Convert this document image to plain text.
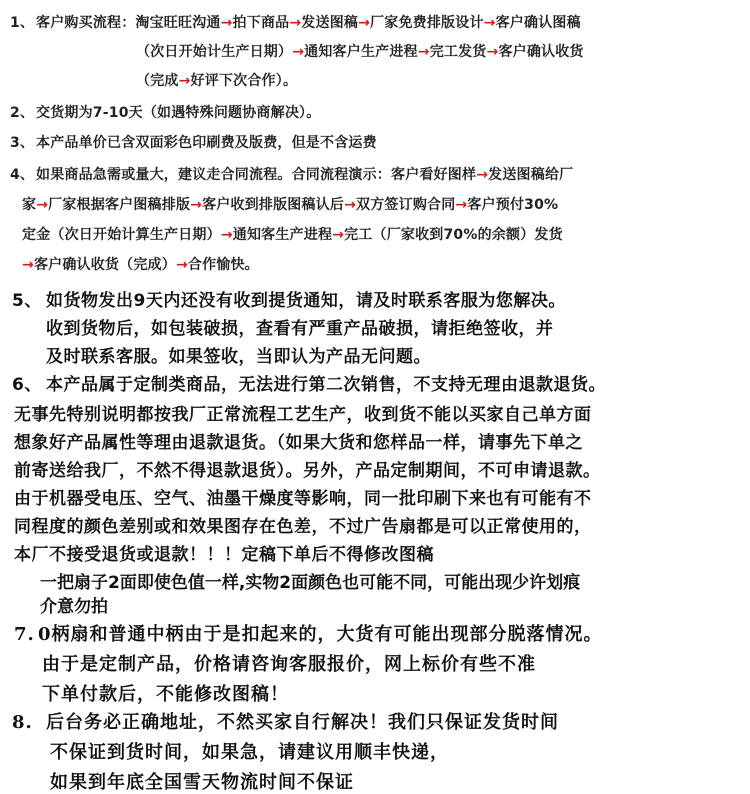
1、 客户购买流程：淘宝旺旺沟通→拍下商品→发送图稿→厂家免费排版设计→客户确认图稿
（次日开始计生产日期）→通知客户生产进程→完工发货→客户确认收货
（完成→好评下次合作）。
2、 交货期为7-10天（如遇特殊问题协商解决）。
3、 本产品单价已含双面彩色印刷费及版费，但是不含运费
4、 如果商品急需或量大，建议走合同流程。合同流程演示：客户看好图样→发送图稿给厂
家→厂家根据客户图稿排版→客户收到排版图稿认后→双方签订购合同→客户预付30%
定金（次日开始计算生产日期）→通知客生产进程→完工（厂家收到70%的余额）发货
→客户确认收货（完成）→合作愉快。
5、 如货物发出9天内还没有收到提货通知，请及时联系客服为您解决。
收到货物后，如包装破损，查看有严重产品破损，请拒绝签收，并
及时联系客服。如果签收，当即认为产品无问题。
6、 本产品属于定制类商品，无法进行第二次销售，不支持无理由退款退货。
无事先特别说明都按我厂正常流程工艺生产，收到货不能以买家自己单方面
想象好产品属性等理由退款退货。（如果大货和您样品一样，请事先下单之
前寄送给我厂，不然不得退款退货）。另外，产品定制期间，不可申请退款。
由于机器受电压、空气、油墨干燥度等影响，同一批印刷下来也有可能有不
同程度的颜色差别或和效果图存在色差，不过广告扇都是可以正常使用的，
本厂不接受退货或退款！！！定稿下单后不得修改图稿
一把扇子2面即使色值一样,实物2面颜色也可能不同，可能出现少许划痕
介意勿拍
7. 0柄扇和普通中柄由于是扣起来的，大货有可能出现部分脱落情况。
由于是定制产品，价格请咨询客服报价，网上标价有些不准
下单付款后，不能修改图稿！
8. 后台务必正确地址，不然买家自行解决！我们只保证发货时间
不保证到货时间，如果急，请建议用顺丰快递，
如果到年底全国雪天物流时间不保证
